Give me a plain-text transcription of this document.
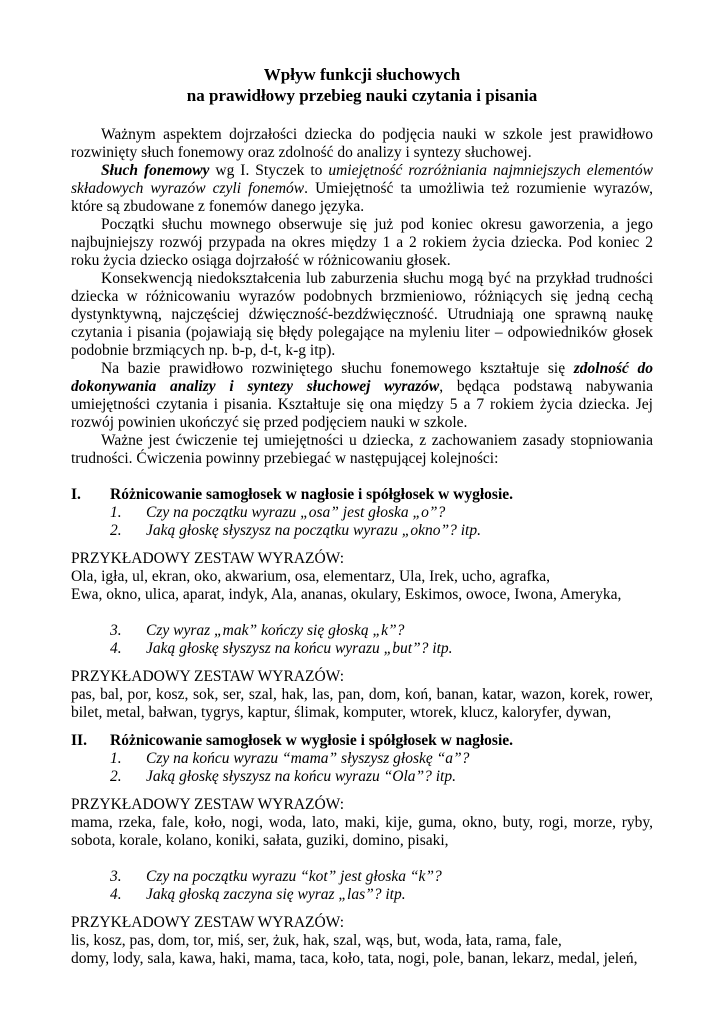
Wpływ funkcji słuchowych
na prawidłowy przebieg nauki czytania i pisania

Ważnym aspektem dojrzałości dziecka do podjęcia nauki w szkole jest prawidłowo rozwinięty słuch fonemowy oraz zdolność do analizy i syntezy słuchowej.

Słuch fonemowy wg I. Styczek to umiejętność rozróżniania najmniejszych elementów składowych wyrazów czyli fonemów. Umiejętność ta umożliwia też rozumienie wyrazów, które są zbudowane z fonemów danego języka.

Początki słuchu mownego obserwuje się już pod koniec okresu gaworzenia, a jego najbujniejszy rozwój przypada na okres między 1 a 2 rokiem życia dziecka. Pod koniec 2 roku życia dziecko osiąga dojrzałość w różnicowaniu głosek.

Konsekwencją niedokształcenia lub zaburzenia słuchu mogą być na przykład trudności dziecka w różnicowaniu wyrazów podobnych brzmieniowo, różniących się jedną cechą dystynktywną, najczęściej dźwięczność-bezdźwięczność. Utrudniają one sprawną naukę czytania i pisania (pojawiają się błędy polegające na myleniu liter – odpowiedników głosek podobnie brzmiących np. b-p, d-t, k-g itp).

Na bazie prawidłowo rozwiniętego słuchu fonemowego kształtuje się zdolność do dokonywania analizy i syntezy słuchowej wyrazów, będąca podstawą nabywania umiejętności czytania i pisania. Kształtuje się ona między 5 a 7 rokiem życia dziecka. Jej rozwój powinien ukończyć się przed podjęciem nauki w szkole.

Ważne jest ćwiczenie tej umiejętności u dziecka, z zachowaniem zasady stopniowania trudności. Ćwiczenia powinny przebiegać w następującej kolejności:

I. Różnicowanie samogłosek w nagłosie i spółgłosek w wygłosie.
1. Czy na początku wyrazu „osa” jest głoska „o”?
2. Jaką głoskę słyszysz na początku wyrazu „okno”? itp.
PRZYKŁADOWY ZESTAW WYRAZÓW:
Ola, igła, ul, ekran, oko, akwarium, osa, elementarz, Ula, Irek, ucho, agrafka,
Ewa, okno, ulica, aparat, indyk, Ala, ananas, okulary, Eskimos, owoce, Iwona, Ameryka,
3. Czy wyraz „mak” kończy się głoską „k”?
4. Jaką głoskę słyszysz na końcu wyrazu „but”? itp.
PRZYKŁADOWY ZESTAW WYRAZÓW:
pas, bal, por, kosz, sok, ser, szal, hak, las, pan, dom, koń, banan, katar, wazon, korek, rower, bilet, metal, bałwan, tygrys, kaptur, ślimak, komputer, wtorek, klucz, kaloryfer, dywan,
II. Różnicowanie samogłosek w wygłosie i spółgłosek w nagłosie.
1. Czy na końcu wyrazu “mama” słyszysz głoskę “a”?
2. Jaką głoskę słyszysz na końcu wyrazu “Ola”? itp.
PRZYKŁADOWY ZESTAW WYRAZÓW:
mama, rzeka, fale, koło, nogi, woda, lato, maki, kije, guma, okno, buty, rogi, morze, ryby, sobota, korale, kolano, koniki, sałata, guziki, domino, pisaki,
3. Czy na początku wyrazu “kot” jest głoska “k”?
4. Jaką głoską zaczyna się wyraz „las”? itp.
PRZYKŁADOWY ZESTAW WYRAZÓW:
lis, kosz, pas, dom, tor, miś, ser, żuk, hak, szal, wąs, but, woda, łata, rama, fale,
domy, lody, sala, kawa, haki, mama, taca, koło, tata, nogi, pole, banan, lekarz, medal, jeleń,
